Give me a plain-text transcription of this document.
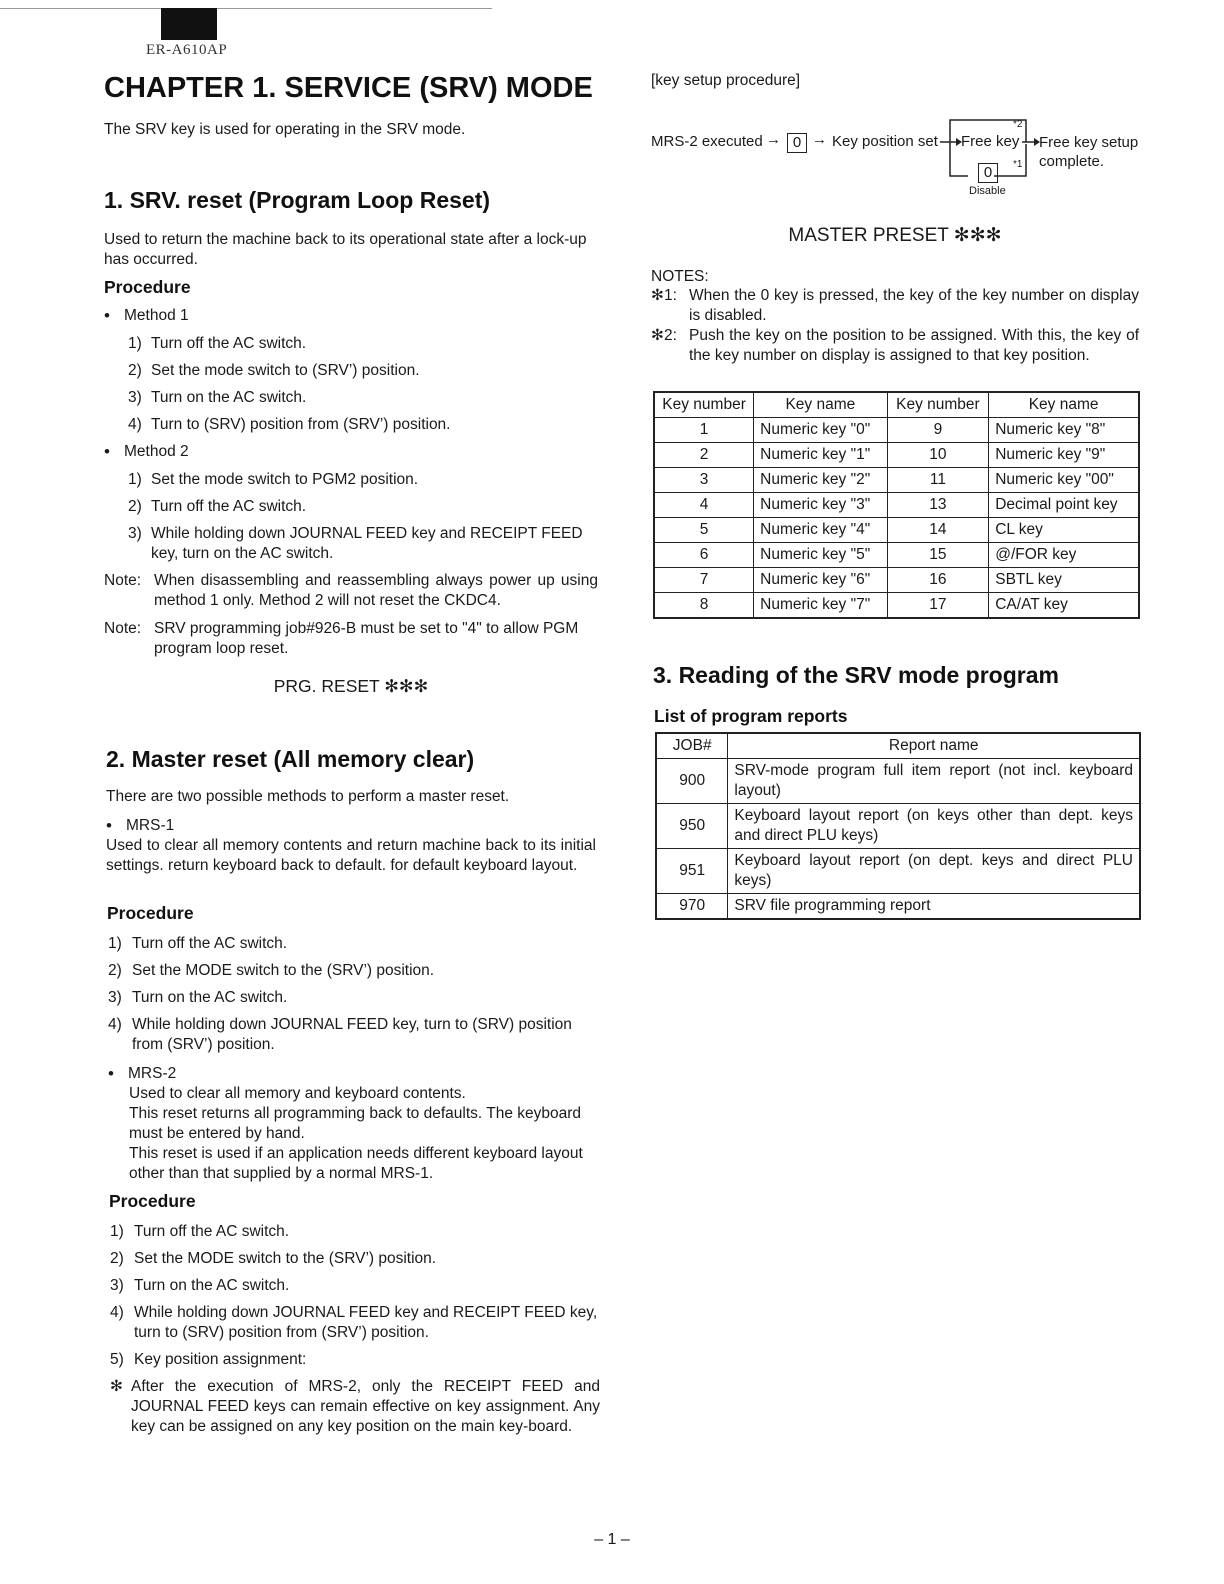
ER-A610AP
CHAPTER 1. SERVICE (SRV) MODE
The SRV key is used for operating in the SRV mode.
1. SRV. reset (Program Loop Reset)
Used to return the machine back to its operational state after a lock-up has occurred.
Procedure
• Method 1
1) Turn off the AC switch.
2) Set the mode switch to (SRV’) position.
3) Turn on the AC switch.
4) Turn to (SRV) position from (SRV’) position.
• Method 2
1) Set the mode switch to PGM2 position.
2) Turn off the AC switch.
3) While holding down JOURNAL FEED key and RECEIPT FEED key, turn on the AC switch.
Note: When disassembling and reassembling always power up using method 1 only. Method 2 will not reset the CKDC4.
Note: SRV programming job#926-B must be set to "4" to allow PGM program loop reset.
PRG. RESET ✻✻✻
2. Master reset (All memory clear)
There are two possible methods to perform a master reset.
• MRS-1
Used to clear all memory contents and return machine back to its initial settings. return keyboard back to default. for default keyboard layout.
Procedure
1) Turn off the AC switch.
2) Set the MODE switch to the (SRV’) position.
3) Turn on the AC switch.
4) While holding down JOURNAL FEED key, turn to (SRV) position from (SRV’) position.
• MRS-2
Used to clear all memory and keyboard contents.
This reset returns all programming back to defaults. The keyboard must be entered by hand.
This reset is used if an application needs different keyboard layout other than that supplied by a normal MRS-1.
Procedure
1) Turn off the AC switch.
2) Set the MODE switch to the (SRV’) position.
3) Turn on the AC switch.
4) While holding down JOURNAL FEED key and RECEIPT FEED key, turn to (SRV) position from (SRV’) position.
5) Key position assignment:
✻ After the execution of MRS-2, only the RECEIPT FEED and JOURNAL FEED keys can remain effective on key assignment. Any key can be assigned on any key position on the main key-board.
[key setup procedure]
MRS-2 executed → 0 → Key position set Free key
*2
*1
0
Disable
Free key setup
complete.
MASTER PRESET ✻✻✻
NOTES:
✻1: When the 0 key is pressed, the key of the key number on display is disabled.
✻2: Push the key on the position to be assigned. With this, the key of the key number on display is assigned to that key position.
Key number	Key name	Key number	Key name
1	Numeric key "0"	9	Numeric key "8"
2	Numeric key "1"	10	Numeric key "9"
3	Numeric key "2"	11	Numeric key "00"
4	Numeric key "3"	13	Decimal point key
5	Numeric key "4"	14	CL key
6	Numeric key "5"	15	@/FOR key
7	Numeric key "6"	16	SBTL key
8	Numeric key "7"	17	CA/AT key
3. Reading of the SRV mode program
List of program reports
JOB#	Report name
900	SRV-mode program full item report (not incl. keyboard layout)
950	Keyboard layout report (on keys other than dept. keys and direct PLU keys)
951	Keyboard layout report (on dept. keys and direct PLU keys)
970	SRV file programming report
– 1 –
